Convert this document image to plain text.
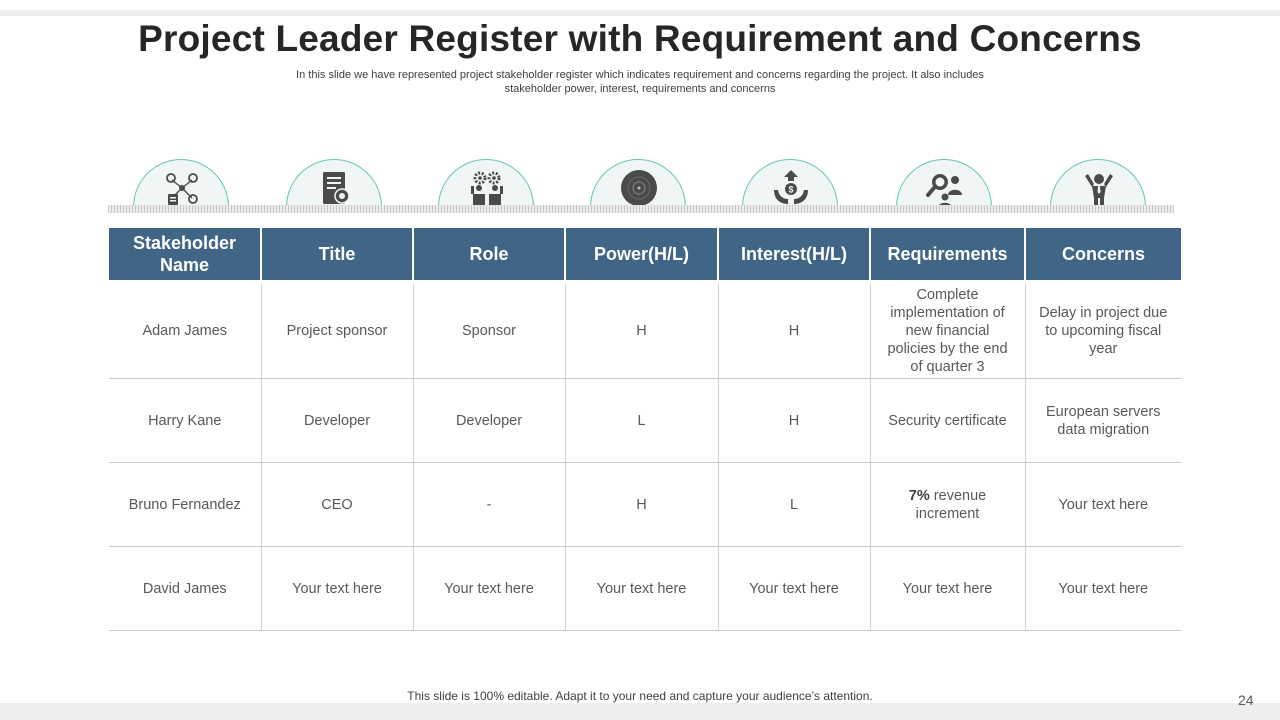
Project Leader Register with Requirement and Concerns
In this slide we have represented project stakeholder register which indicates requirement and concerns regarding the project. It also includes
stakeholder power, interest, requirements and concerns
$
Stakeholder Name	Title	Role	Power(H/L)	Interest(H/L)	Requirements	Concerns
Adam James	Project sponsor	Sponsor	H	H	Complete implementation of new financial policies by the end of quarter 3	Delay in project due to upcoming fiscal year
Harry Kane	Developer	Developer	L	H	Security certificate	European servers data migration
Bruno Fernandez	CEO	-	H	L	7% revenue increment	Your text here
David James	Your text here	Your text here	Your text here	Your text here	Your text here	Your text here
This slide is 100% editable. Adapt it to your need and capture your audience’s attention.	24
